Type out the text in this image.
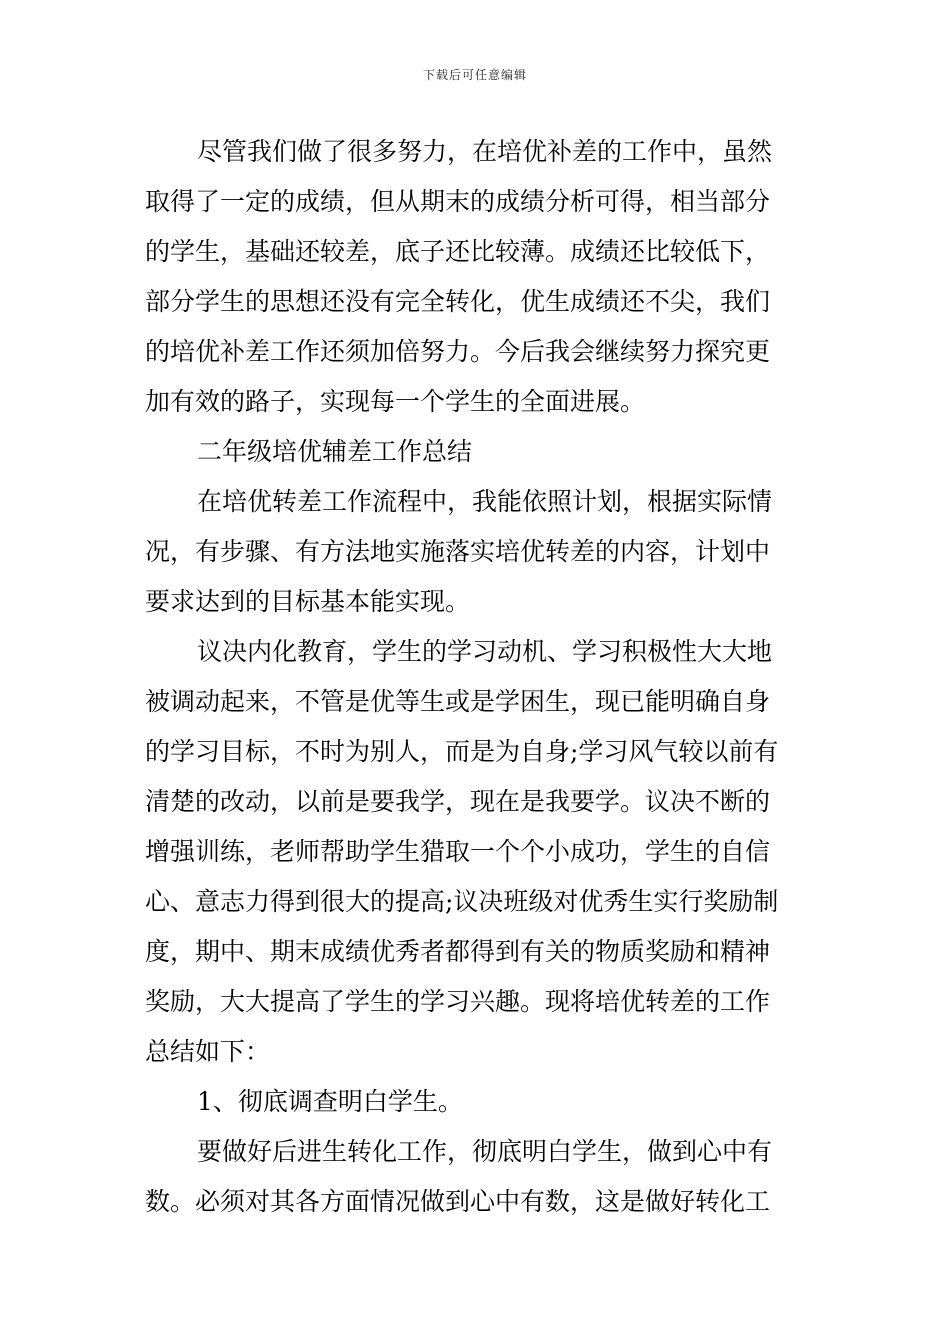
下载后可任意编辑
尽管我们做了很多努力，在培优补差的工作中，虽然
取得了一定的成绩，但从期末的成绩分析可得，相当部分
的学生，基础还较差，底子还比较薄。成绩还比较低下，
部分学生的思想还没有完全转化，优生成绩还不尖，我们
的培优补差工作还须加倍努力。今后我会继续努力探究更
加有效的路子，实现每一个学生的全面进展。
二年级培优辅差工作总结
在培优转差工作流程中，我能依照计划，根据实际情
况，有步骤、有方法地实施落实培优转差的内容，计划中
要求达到的目标基本能实现。
议决内化教育，学生的学习动机、学习积极性大大地
被调动起来，不管是优等生或是学困生，现已能明确自身
的学习目标，不时为别人，而是为自身;学习风气较以前有
清楚的改动，以前是要我学，现在是我要学。议决不断的
增强训练，老师帮助学生猎取一个个小成功，学生的自信
心、意志力得到很大的提高;议决班级对优秀生实行奖励制
度，期中、期末成绩优秀者都得到有关的物质奖励和精神
奖励，大大提高了学生的学习兴趣。现将培优转差的工作
总结如下：
1、彻底调查明白学生。
要做好后进生转化工作，彻底明白学生，做到心中有
数。必须对其各方面情况做到心中有数，这是做好转化工
